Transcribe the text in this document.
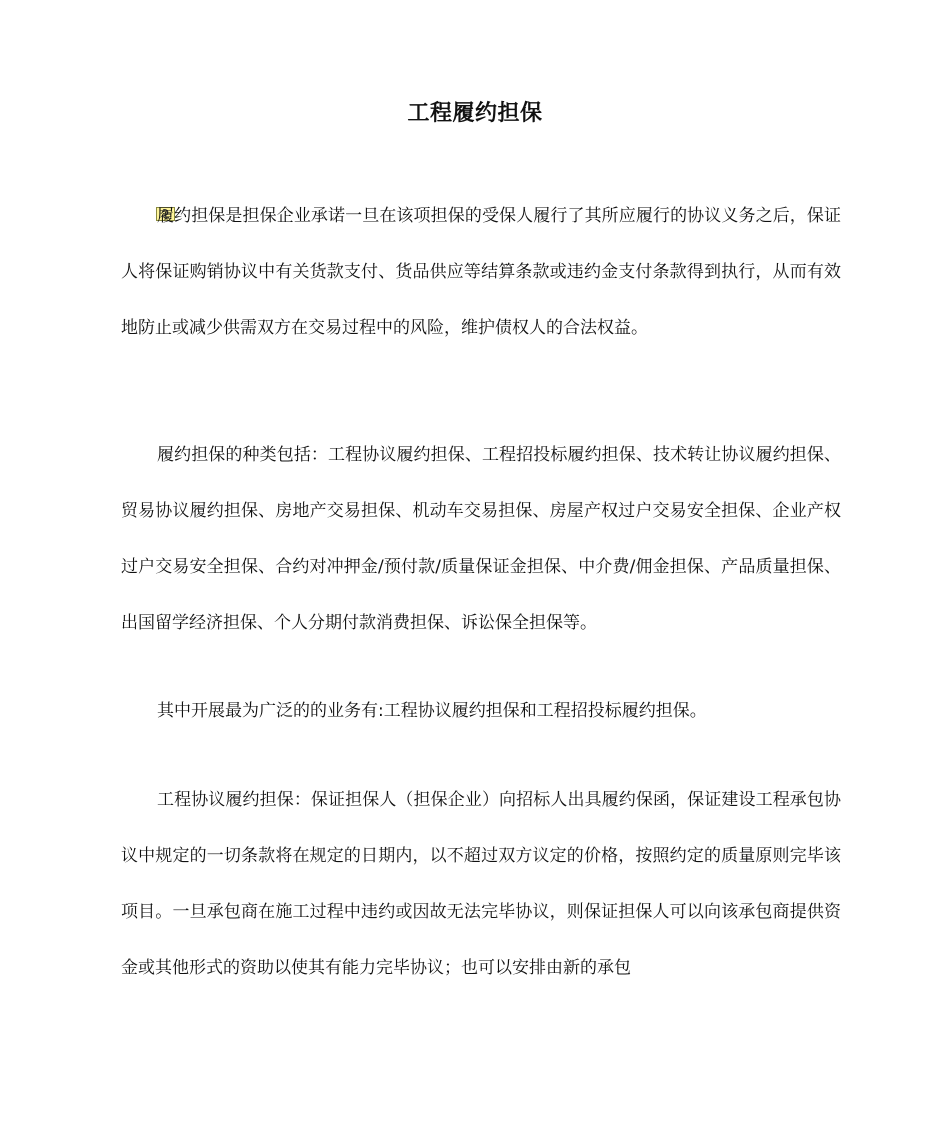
工程履约担保

履约担保是担保企业承诺一旦在该项担保的受保人履行了其所应履行的协议义务之后，保证人将保证购销协议中有关货款支付、货品供应等结算条款或违约金支付条款得到执行，从而有效地防止或减少供需双方在交易过程中的风险，维护债权人的合法权益。

履约担保的种类包括：工程协议履约担保、工程招投标履约担保、技术转让协议履约担保、贸易协议履约担保、房地产交易担保、机动车交易担保、房屋产权过户交易安全担保、企业产权过户交易安全担保、合约对冲押金/预付款/质量保证金担保、中介费/佣金担保、产品质量担保、出国留学经济担保、个人分期付款消费担保、诉讼保全担保等。

其中开展最为广泛的的业务有:工程协议履约担保和工程招投标履约担保。

工程协议履约担保：保证担保人（担保企业）向招标人出具履约保函，保证建设工程承包协议中规定的一切条款将在规定的日期内，以不超过双方议定的价格，按照约定的质量原则完毕该项目。一旦承包商在施工过程中违约或因故无法完毕协议，则保证担保人可以向该承包商提供资金或其他形式的资助以使其有能力完毕协议；也可以安排由新的承包
